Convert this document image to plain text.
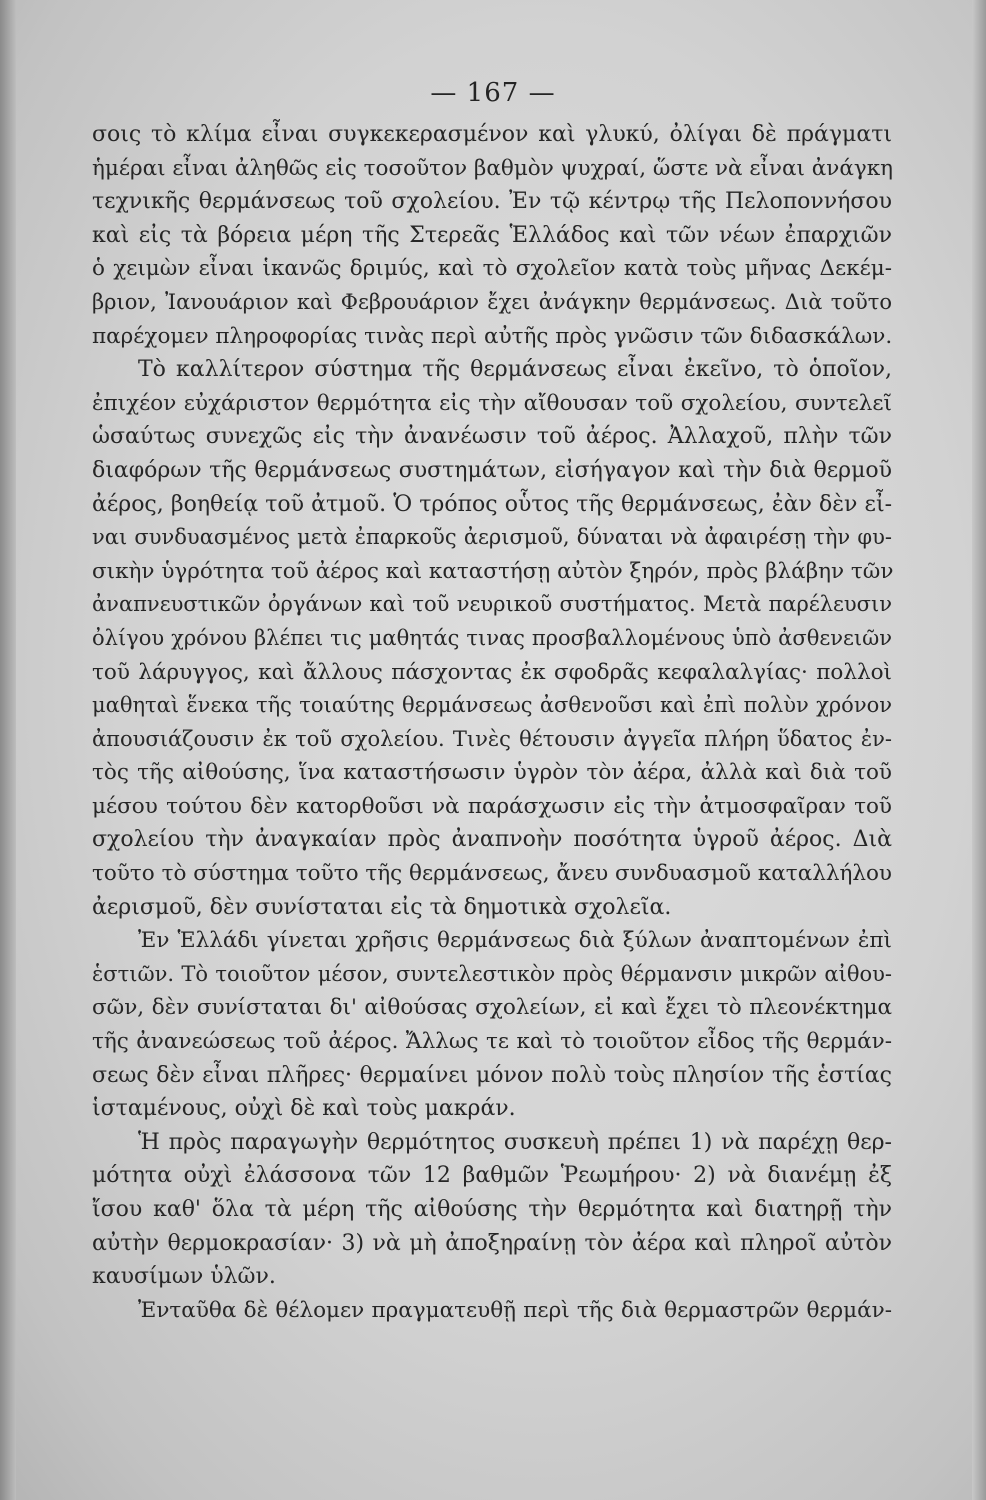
— 167 —
σοις τὸ κλίμα εἶναι συγκεκερασμένον καὶ γλυκύ, ὀλίγαι δὲ πράγματι
ἡμέραι εἶναι ἀληθῶς εἰς τοσοῦτον βαθμὸν ψυχραί, ὥστε νὰ εἶναι ἀνάγκη
τεχνικῆς θερμάνσεως τοῦ σχολείου. Ἐν τῷ κέντρῳ τῆς Πελοποννήσου
καὶ εἰς τὰ βόρεια μέρη τῆς Στερεᾶς Ἑλλάδος καὶ τῶν νέων ἐπαρχιῶν
ὁ χειμὼν εἶναι ἱκανῶς δριμύς, καὶ τὸ σχολεῖον κατὰ τοὺς μῆνας Δεκέμ-
βριον, Ἰανουάριον καὶ Φεβρουάριον ἔχει ἀνάγκην θερμάνσεως. Διὰ τοῦτο
παρέχομεν πληροφορίας τινὰς περὶ αὐτῆς πρὸς γνῶσιν τῶν διδασκάλων.
Τὸ καλλίτερον σύστημα τῆς θερμάνσεως εἶναι ἐκεῖνο, τὸ ὁποῖον,
ἐπιχέον εὐχάριστον θερμότητα εἰς τὴν αἴθουσαν τοῦ σχολείου, συντελεῖ
ὡσαύτως συνεχῶς εἰς τὴν ἀνανέωσιν τοῦ ἀέρος. Ἀλλαχοῦ, πλὴν τῶν
διαφόρων τῆς θερμάνσεως συστημάτων, εἰσήγαγον καὶ τὴν διὰ θερμοῦ
ἀέρος, βοηθείᾳ τοῦ ἀτμοῦ. Ὁ τρόπος οὗτος τῆς θερμάνσεως, ἐὰν δὲν εἶ-
ναι συνδυασμένος μετὰ ἐπαρκοῦς ἀερισμοῦ, δύναται νὰ ἀφαιρέσῃ τὴν φυ-
σικὴν ὑγρότητα τοῦ ἀέρος καὶ καταστήσῃ αὐτὸν ξηρόν, πρὸς βλάβην τῶν
ἀναπνευστικῶν ὀργάνων καὶ τοῦ νευρικοῦ συστήματος. Μετὰ παρέλευσιν
ὀλίγου χρόνου βλέπει τις μαθητάς τινας προσβαλλομένους ὑπὸ ἀσθενειῶν
τοῦ λάρυγγος, καὶ ἄλλους πάσχοντας ἐκ σφοδρᾶς κεφαλαλγίας· πολλοὶ
μαθηταὶ ἕνεκα τῆς τοιαύτης θερμάνσεως ἀσθενοῦσι καὶ ἐπὶ πολὺν χρόνον
ἀπουσιάζουσιν ἐκ τοῦ σχολείου. Τινὲς θέτουσιν ἀγγεῖα πλήρη ὕδατος ἐν-
τὸς τῆς αἰθούσης, ἵνα καταστήσωσιν ὑγρὸν τὸν ἀέρα, ἀλλὰ καὶ διὰ τοῦ
μέσου τούτου δὲν κατορθοῦσι νὰ παράσχωσιν εἰς τὴν ἀτμοσφαῖραν τοῦ
σχολείου τὴν ἀναγκαίαν πρὸς ἀναπνοὴν ποσότητα ὑγροῦ ἀέρος. Διὰ
τοῦτο τὸ σύστημα τοῦτο τῆς θερμάνσεως, ἄνευ συνδυασμοῦ καταλλήλου
ἀερισμοῦ, δὲν συνίσταται εἰς τὰ δημοτικὰ σχολεῖα.
Ἐν Ἑλλάδι γίνεται χρῆσις θερμάνσεως διὰ ξύλων ἀναπτομένων ἐπὶ
ἑστιῶν. Τὸ τοιοῦτον μέσον, συντελεστικὸν πρὸς θέρμανσιν μικρῶν αἰθου-
σῶν, δὲν συνίσταται δι' αἰθούσας σχολείων, εἰ καὶ ἔχει τὸ πλεονέκτημα
τῆς ἀνανεώσεως τοῦ ἀέρος. Ἄλλως τε καὶ τὸ τοιοῦτον εἶδος τῆς θερμάν-
σεως δὲν εἶναι πλῆρες· θερμαίνει μόνον πολὺ τοὺς πλησίον τῆς ἑστίας
ἱσταμένους, οὐχὶ δὲ καὶ τοὺς μακράν.
Ἡ πρὸς παραγωγὴν θερμότητος συσκευὴ πρέπει 1) νὰ παρέχῃ θερ-
μότητα οὐχὶ ἐλάσσονα τῶν 12 βαθμῶν Ῥεωμήρου· 2) νὰ διανέμῃ ἐξ
ἴσου καθ' ὅλα τὰ μέρη τῆς αἰθούσης τὴν θερμότητα καὶ διατηρῇ τὴν
αὐτὴν θερμοκρασίαν· 3) νὰ μὴ ἀποξηραίνῃ τὸν ἀέρα καὶ πληροῖ αὐτὸν
καυσίμων ὑλῶν.
Ἐνταῦθα δὲ θέλομεν πραγματευθῇ περὶ τῆς διὰ θερμαστρῶν θερμάν-
